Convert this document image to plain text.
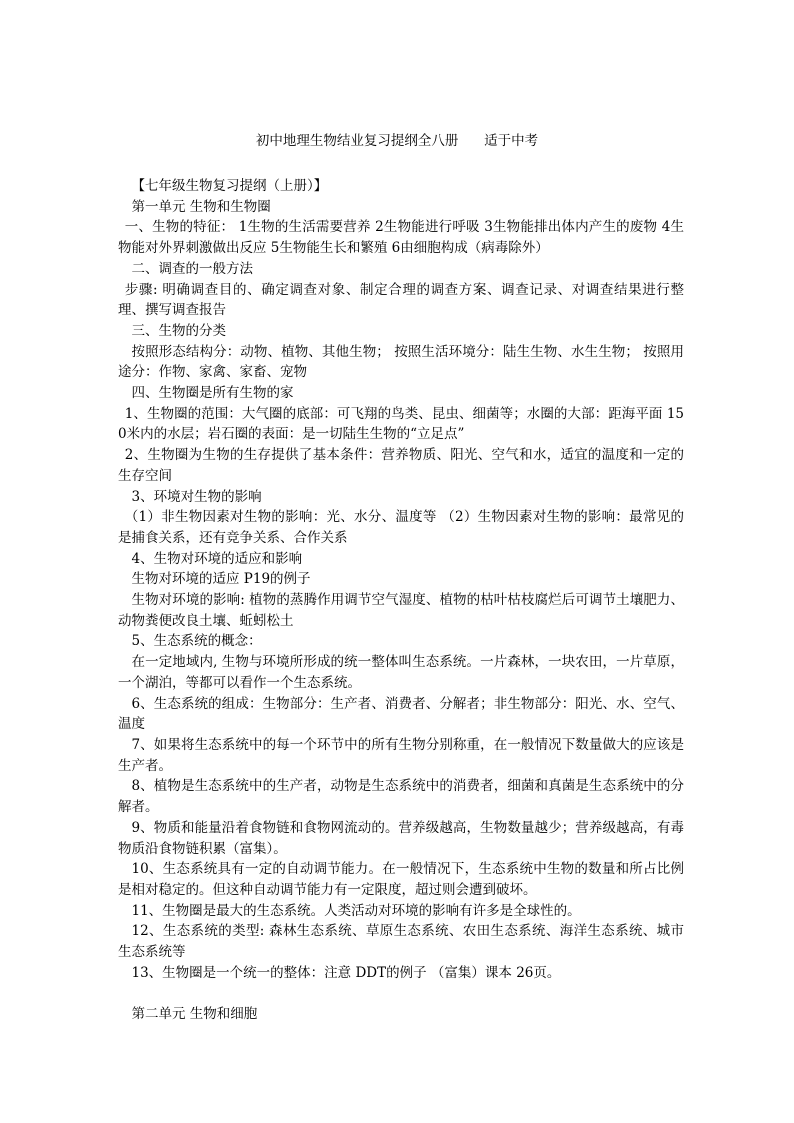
初中地理生物结业复习提纲全八册      适于中考

【七年级生物复习提纲（上册）】

第一单元 生物和生物圈

一、生物的特征： 1生物的生活需要营养 2生物能进行呼吸 3生物能排出体内产生的废物 4生物能对外界刺激做出反应 5生物能生长和繁殖 6由细胞构成（病毒除外）

二、调查的一般方法

步骤: 明确调查目的、确定调查对象、制定合理的调查方案、调查记录、对调查结果进行整理、撰写调查报告

三、生物的分类

按照形态结构分：动物、植物、其他生物； 按照生活环境分：陆生生物、水生生物； 按照用途分：作物、家禽、家畜、宠物

四、生物圈是所有生物的家

1、生物圈的范围：大气圈的底部：可飞翔的鸟类、昆虫、细菌等；水圈的大部：距海平面 150米内的水层；岩石圈的表面：是一切陆生生物的“立足点”

2、生物圈为生物的生存提供了基本条件：营养物质、阳光、空气和水，适宜的温度和一定的生存空间

3、环境对生物的影响

（1）非生物因素对生物的影响：光、水分、温度等 （2）生物因素对生物的影响：最常见的是捕食关系，还有竞争关系、合作关系

4、生物对环境的适应和影响

生物对环境的适应 P19的例子

生物对环境的影响: 植物的蒸腾作用调节空气湿度、植物的枯叶枯枝腐烂后可调节土壤肥力、动物粪便改良土壤、蚯蚓松土

5、生态系统的概念：

在一定地域内, 生物与环境所形成的统一整体叫生态系统。一片森林，一块农田，一片草原，一个湖泊，等都可以看作一个生态系统。

6、生态系统的组成：生物部分：生产者、消费者、分解者；非生物部分：阳光、水、空气、温度

7、如果将生态系统中的每一个环节中的所有生物分别称重，在一般情况下数量做大的应该是生产者。

8、植物是生态系统中的生产者，动物是生态系统中的消费者，细菌和真菌是生态系统中的分解者。

9、物质和能量沿着食物链和食物网流动的。营养级越高，生物数量越少；营养级越高，有毒物质沿食物链积累（富集）。

10、生态系统具有一定的自动调节能力。在一般情况下，生态系统中生物的数量和所占比例是相对稳定的。但这种自动调节能力有一定限度，超过则会遭到破坏。

11、生物圈是最大的生态系统。人类活动对环境的影响有许多是全球性的。

12、生态系统的类型: 森林生态系统、草原生态系统、农田生态系统、海洋生态系统、城市生态系统等

13、生物圈是一个统一的整体：注意 DDT的例子 （富集）课本 26页。

第二单元 生物和细胞
